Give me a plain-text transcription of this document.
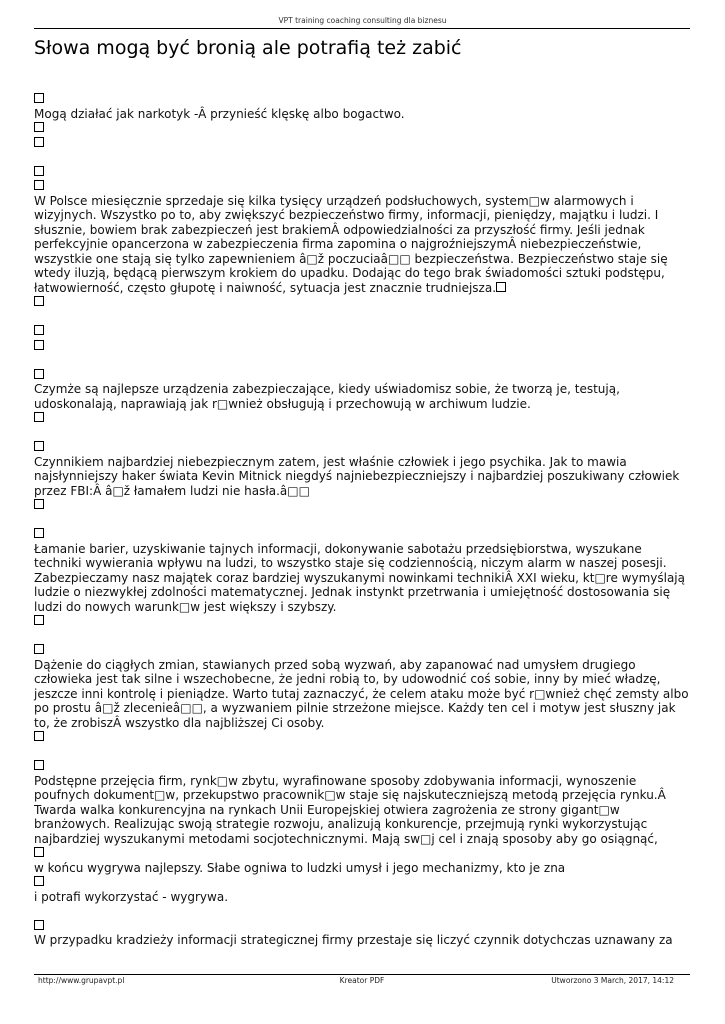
VPT training coaching consulting dla biznesu
Słowa mogą być bronią ale potrafią też zabić

Mogą działać jak narkotyk -Â przynieść klęskę albo bogactwo.

W Polsce miesięcznie sprzedaje się kilka tysięcy urządzeń podsłuchowych, system□w alarmowych i wizyjnych. Wszystko po to, aby zwiększyć bezpieczeństwo firmy, informacji, pieniędzy, majątku i ludzi. I słusznie, bowiem brak zabezpieczeń jest brakiemÂ odpowiedzialności za przyszłość firmy. Jeśli jednak perfekcyjnie opancerzona w zabezpieczenia firma zapomina o najgroźniejszymÂ niebezpieczeństwie, wszystkie one stają się tylko zapewnieniem â□ž poczuciaâ□□ bezpieczeństwa. Bezpieczeństwo staje się wtedy iluzją, będącą pierwszym krokiem do upadku. Dodając do tego brak świadomości sztuki podstępu, łatwowierność, często głupotę i naiwność, sytuacja jest znacznie trudniejsza.

Czymże są najlepsze urządzenia zabezpieczające, kiedy uświadomisz sobie, że tworzą je, testują, udoskonalają, naprawiają jak r□wnież obsługują i przechowują w archiwum ludzie.

Czynnikiem najbardziej niebezpiecznym zatem, jest właśnie człowiek i jego psychika. Jak to mawia najsłynniejszy haker świata Kevin Mitnick niegdyś najniebezpieczniejszy i najbardziej poszukiwany człowiek przez FBI:Â â□ž łamałem ludzi nie hasła.â□□

Łamanie barier, uzyskiwanie tajnych informacji, dokonywanie sabotażu przedsiębiorstwa, wyszukane techniki wywierania wpływu na ludzi, to wszystko staje się codziennością, niczym alarm w naszej posesji. Zabezpieczamy nasz majątek coraz bardziej wyszukanymi nowinkami technikiÂ XXI wieku, kt□re wymyślają ludzie o niezwykłej zdolności matematycznej. Jednak instynkt przetrwania i umiejętność dostosowania się ludzi do nowych warunk□w jest większy i szybszy.

Dążenie do ciągłych zmian, stawianych przed sobą wyzwań, aby zapanować nad umysłem drugiego człowieka jest tak silne i wszechobecne, że jedni robią to, by udowodnić coś sobie, inny by mieć władzę, jeszcze inni kontrolę i pieniądze. Warto tutaj zaznaczyć, że celem ataku może być r□wnież chęć zemsty albo po prostu â□ž zlecenieâ□□, a wyzwaniem pilnie strzeżone miejsce. Każdy ten cel i motyw jest słuszny jak to, że zrobiszÂ wszystko dla najbliższej Ci osoby.

Podstępne przejęcia firm, rynk□w zbytu, wyrafinowane sposoby zdobywania informacji, wynoszenie poufnych dokument□w, przekupstwo pracownik□w staje się najskuteczniejszą metodą przejęcia rynku.Â Twarda walka konkurencyjna na rynkach Unii Europejskiej otwiera zagrożenia ze strony gigant□w branżowych. Realizując swoją strategie rozwoju, analizują konkurencje, przejmują rynki wykorzystując najbardziej wyszukanymi metodami socjotechnicznymi. Mają sw□j cel i znają sposoby aby go osiągnąć,

w końcu wygrywa najlepszy. Słabe ogniwa to ludzki umysł i jego mechanizmy, kto je zna

i potrafi wykorzystać - wygrywa.

W przypadku kradzieży informacji strategicznej firmy przestaje się liczyć czynnik dotychczas uznawany za

http://www.grupavpt.pl	Kreator PDF	Utworzono 3 March, 2017, 14:12
